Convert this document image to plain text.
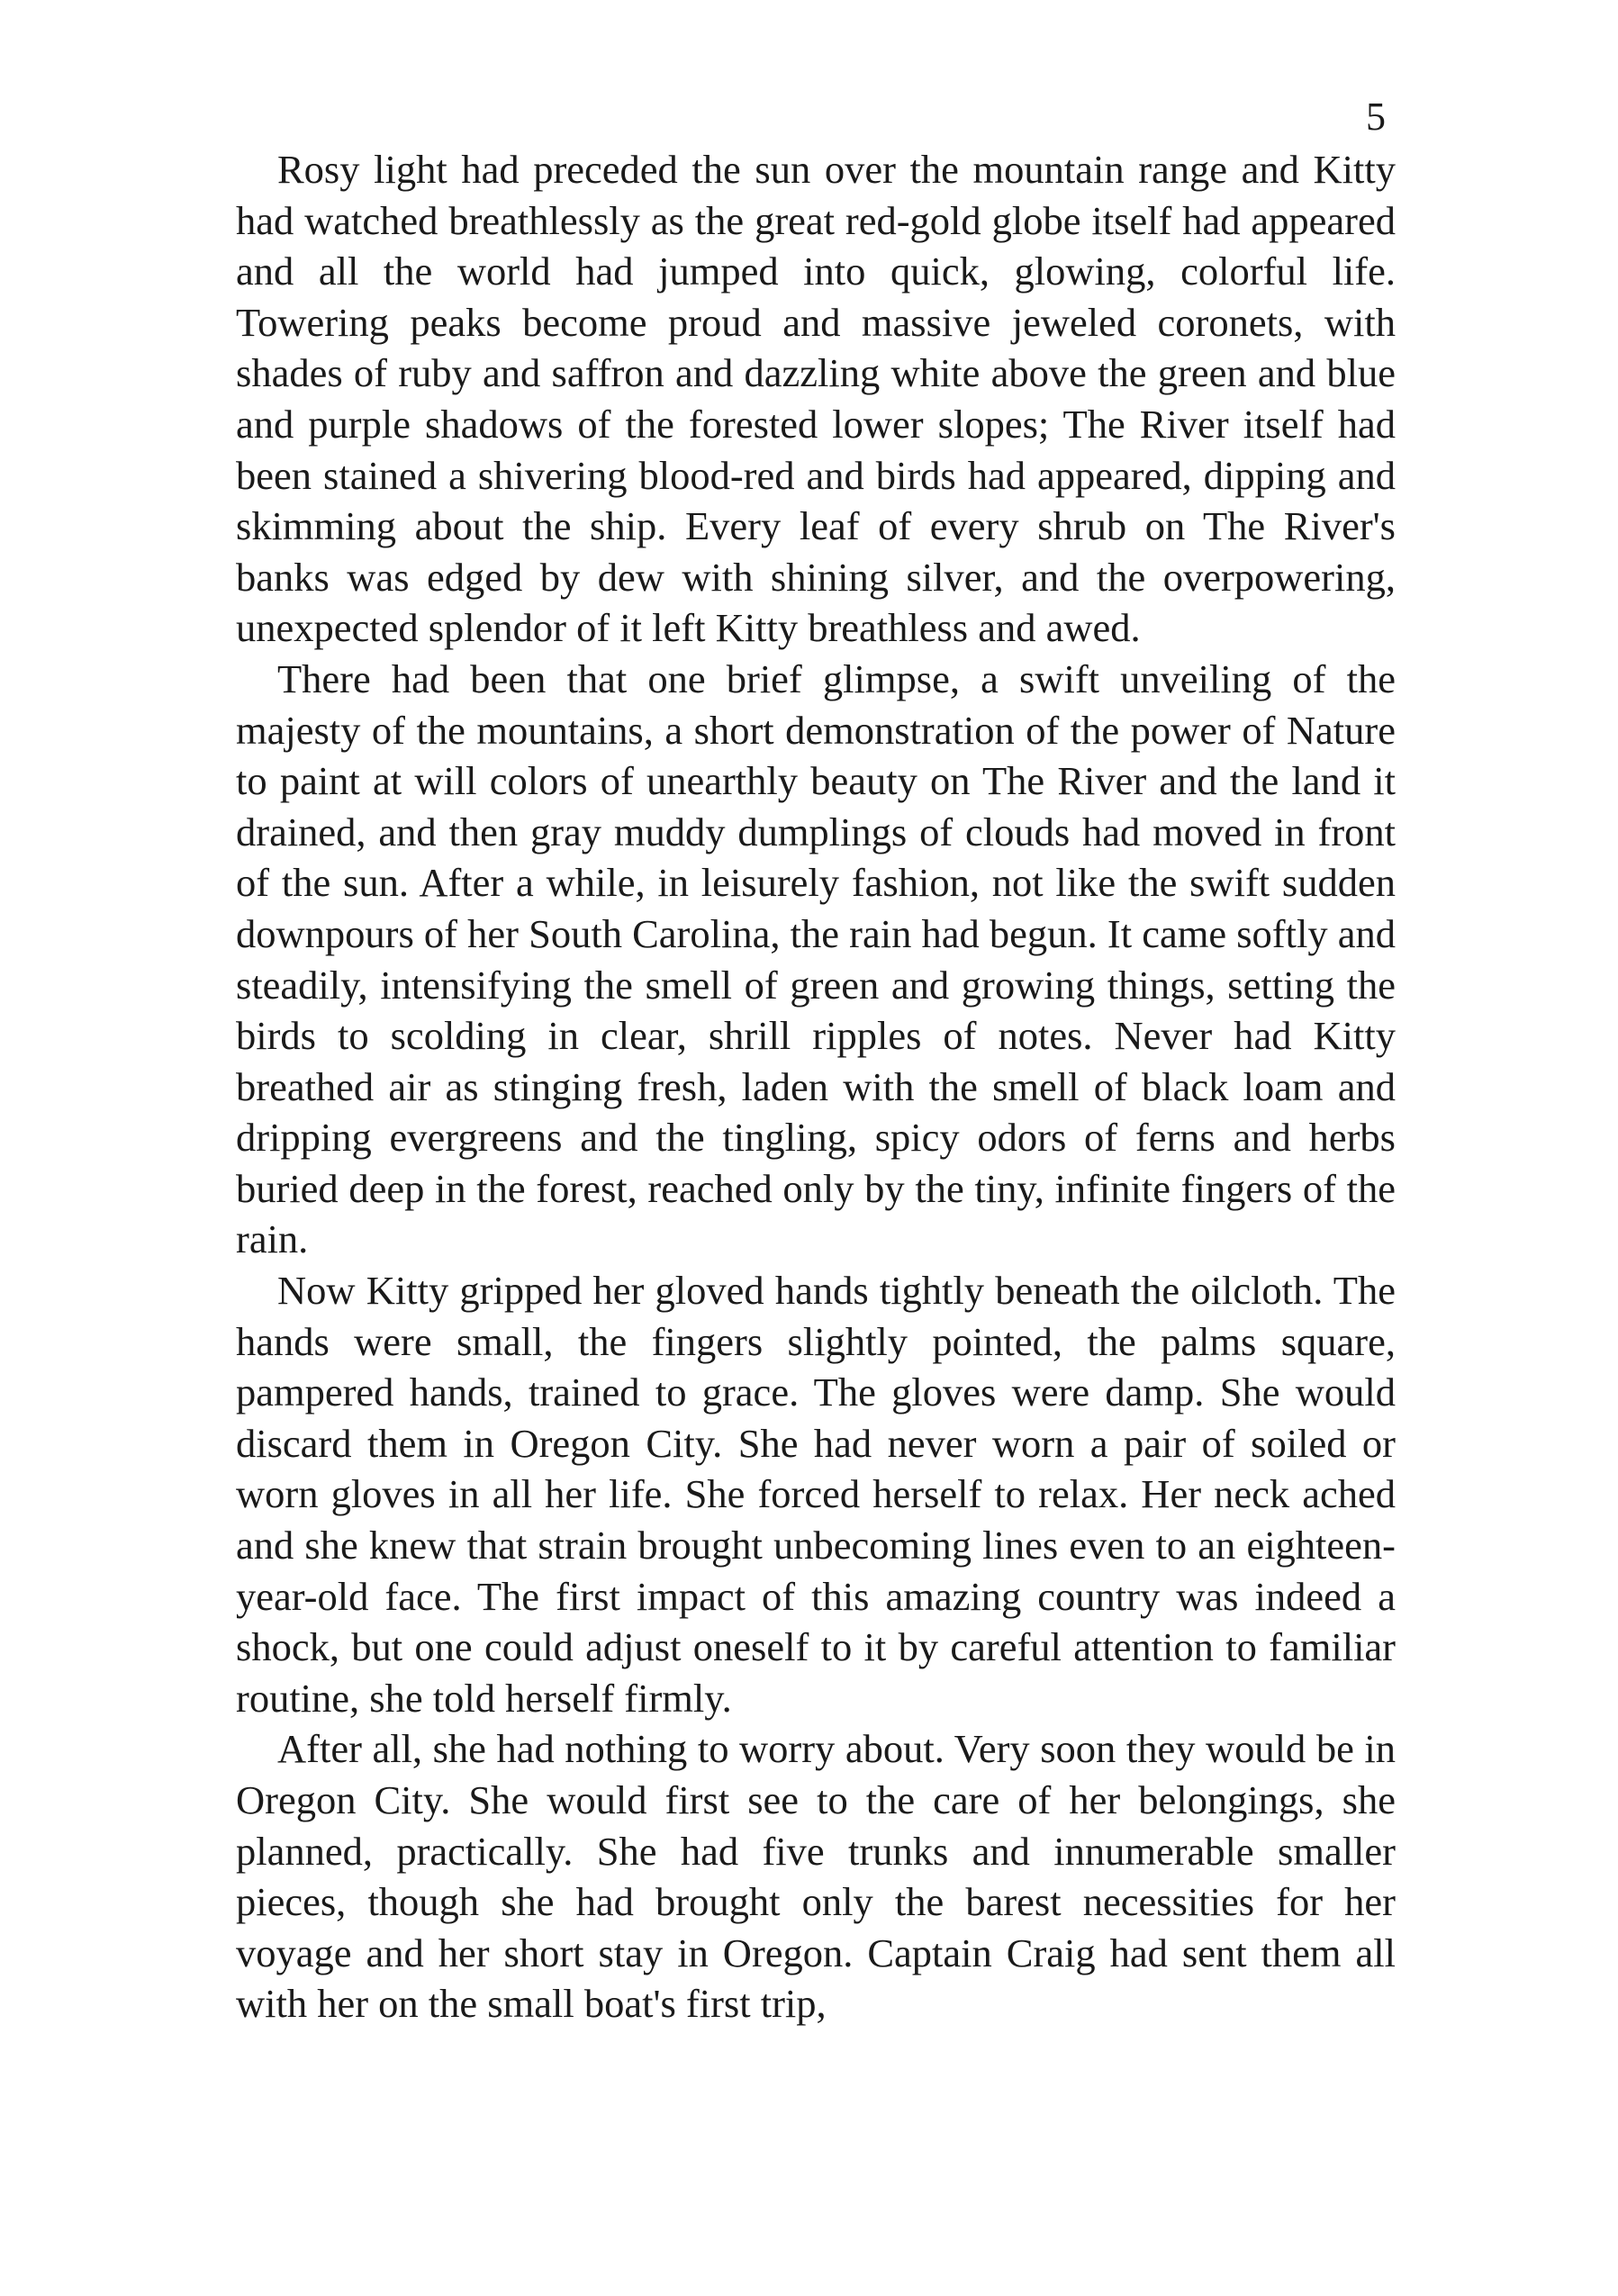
5

Rosy light had preceded the sun over the mountain range and Kitty had watched breathlessly as the great red-gold globe itself had appeared and all the world had jumped into quick, glowing, colorful life. Towering peaks become proud and massive jeweled coronets, with shades of ruby and saffron and dazzling white above the green and blue and purple shadows of the forested lower slopes; The River itself had been stained a shivering blood-red and birds had appeared, dipping and skimming about the ship. Every leaf of every shrub on The River's banks was edged by dew with shining silver, and the overpowering, unexpected splendor of it left Kitty breathless and awed.

There had been that one brief glimpse, a swift unveiling of the majesty of the mountains, a short demonstration of the power of Nature to paint at will colors of unearthly beauty on The River and the land it drained, and then gray muddy dumplings of clouds had moved in front of the sun. After a while, in leisurely fashion, not like the swift sudden downpours of her South Carolina, the rain had begun. It came softly and steadily, intensifying the smell of green and growing things, setting the birds to scolding in clear, shrill ripples of notes. Never had Kitty breathed air as stinging fresh, laden with the smell of black loam and dripping evergreens and the tingling, spicy odors of ferns and herbs buried deep in the forest, reached only by the tiny, infinite fingers of the rain.

Now Kitty gripped her gloved hands tightly beneath the oilcloth. The hands were small, the fingers slightly pointed, the palms square, pampered hands, trained to grace. The gloves were damp. She would discard them in Oregon City. She had never worn a pair of soiled or worn gloves in all her life. She forced herself to relax. Her neck ached and she knew that strain brought unbecoming lines even to an eighteen-year-old face. The first impact of this amazing country was indeed a shock, but one could adjust oneself to it by careful attention to familiar routine, she told herself firmly.

After all, she had nothing to worry about. Very soon they would be in Oregon City. She would first see to the care of her belongings, she planned, practically. She had five trunks and innumerable smaller pieces, though she had brought only the barest necessities for her voyage and her short stay in Oregon. Captain Craig had sent them all with her on the small boat's first trip,
